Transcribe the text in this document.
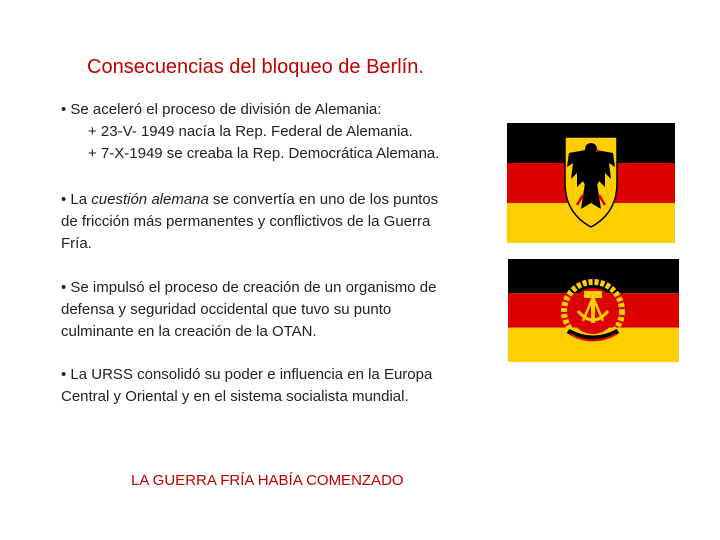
Consecuencias del bloqueo de Berlín.
• Se aceleró el proceso de división de Alemania:
+ 23-V- 1949 nacía la Rep. Federal de Alemania.
+ 7-X-1949 se creaba la Rep. Democrática Alemana.
• La cuestión alemana se convertía en uno de los puntos
de fricción más permanentes y conflictivos de la Guerra
Fría.
• Se impulsó el proceso de creación de un organismo de
defensa y seguridad occidental que tuvo su punto
culminante en la creación de la OTAN.
• La URSS consolidó su poder e influencia en la Europa
Central y Oriental y en el sistema socialista mundial.
LA GUERRA FRÍA HABÍA COMENZADO
